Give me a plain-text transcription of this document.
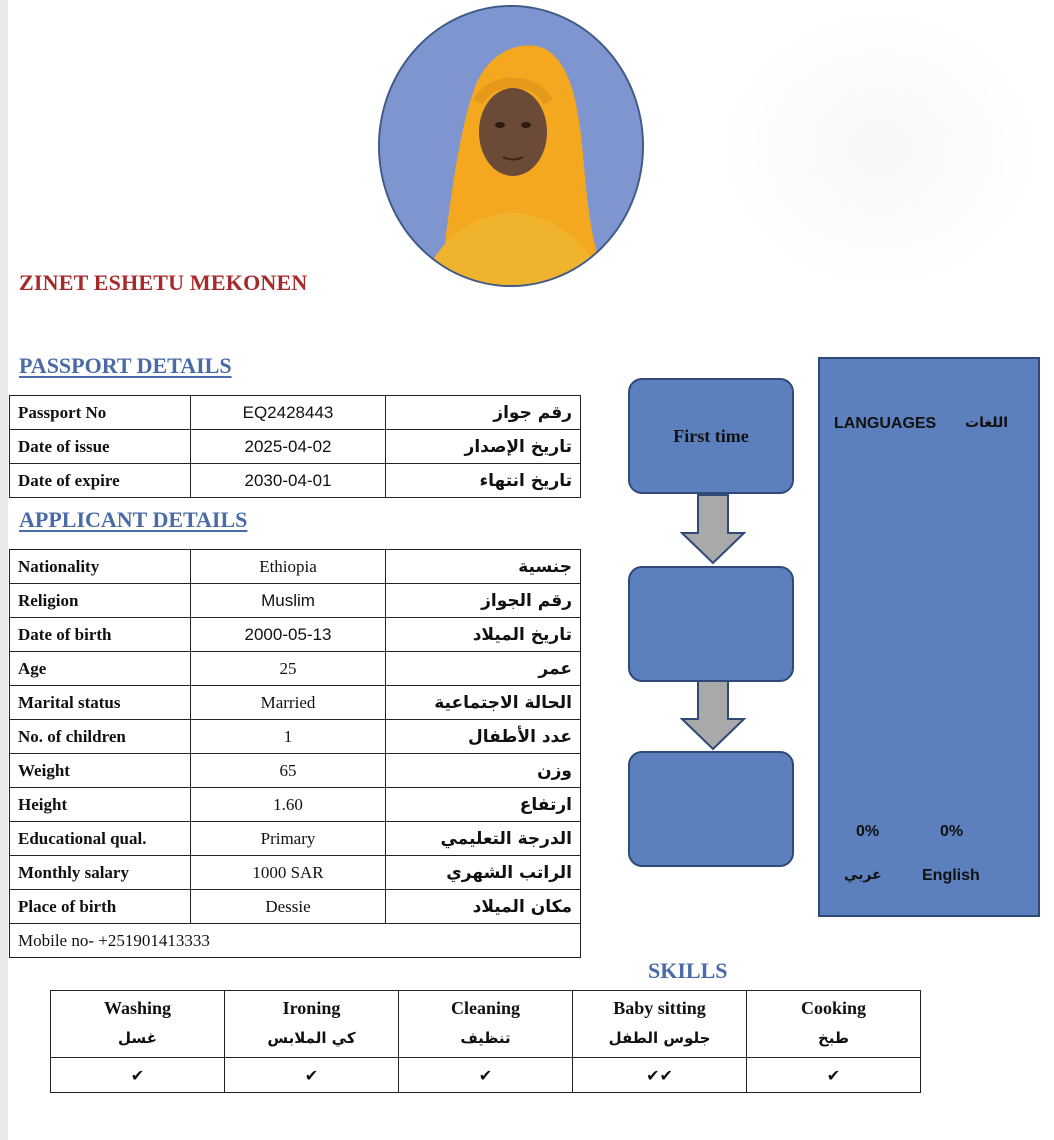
ZINET ESHETU MEKONEN
PASSPORT DETAILS
Passport No	EQ2428443	رقم جواز
Date of issue	2025-04-02	تاريخ الإصدار
Date of expire	2030-04-01	تاريخ انتهاء
APPLICANT DETAILS
Nationality	Ethiopia	جنسية
Religion	Muslim	رقم الجواز
Date of birth	2000-05-13	تاريخ الميلاد
Age	25	عمر
Marital status	Married	الحالة الاجتماعية
No. of children	1	عدد الأطفال
Weight	65	وزن
Height	1.60	ارتفاع
Educational qual.	Primary	الدرجة التعليمي
Monthly salary	1000 SAR	الراتب الشهري
Place of birth	Dessie	مكان الميلاد
Mobile no- +251901413333		
First time
LANGUAGES اللغات
0%	0%
عربي	English
SKILLS
Washing	Ironing	Cleaning	Baby sitting	Cooking
غسل	كي الملابس	تنظيف	جلوس الطفل	طبخ
✔	✔	✔	✔✔	✔
